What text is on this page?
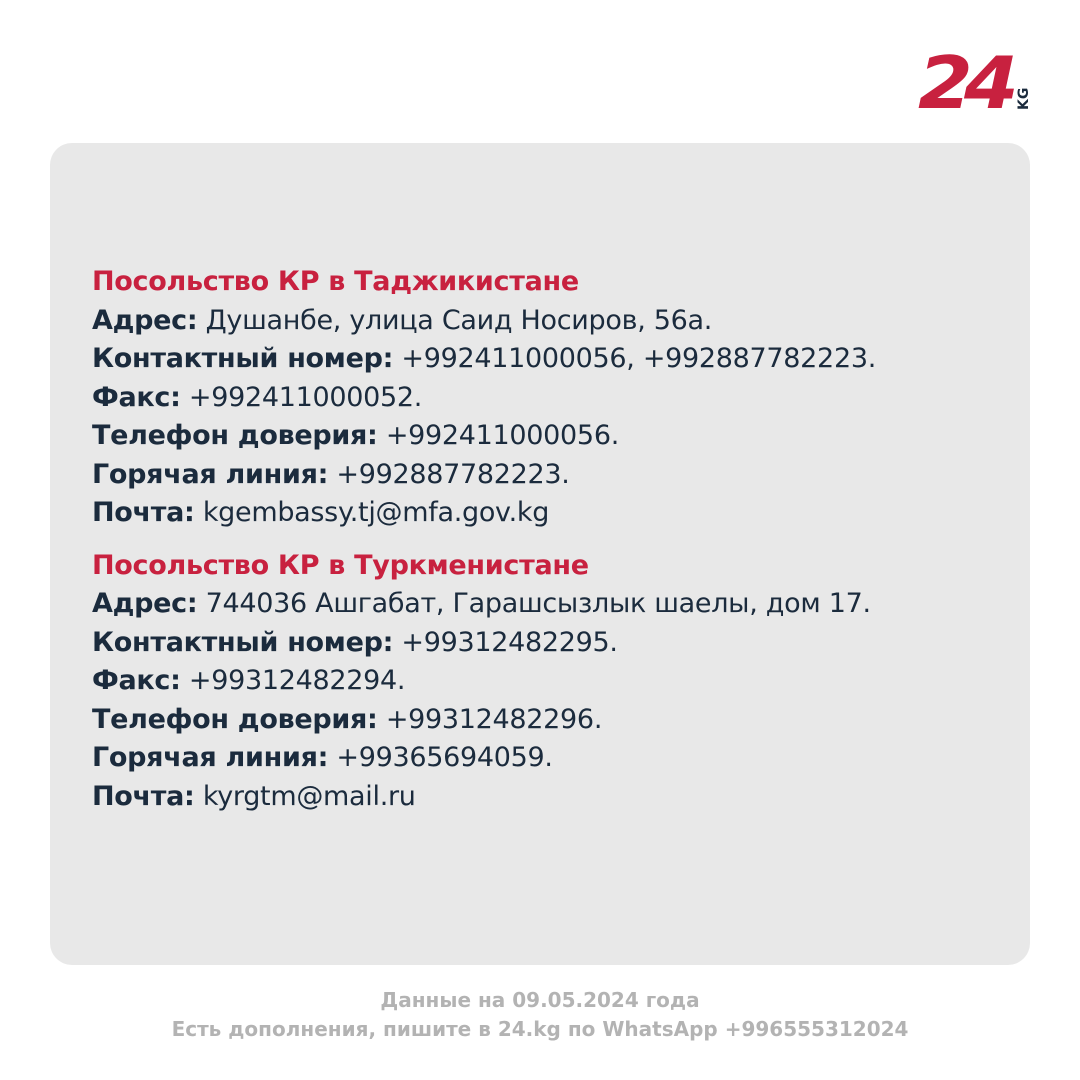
24 KG
Посольство КР в Таджикистане
Адрес: Душанбе, улица Саид Носиров, 56а.
Контактный номер: +992411000056, +992887782223.
Факс: +992411000052.
Телефон доверия: +992411000056.
Горячая линия: +992887782223.
Почта: kgembassy.tj@mfa.gov.kg
Посольство КР в Туркменистане
Адрес: 744036 Ашгабат, Гарашсызлык шаелы, дом 17.
Контактный номер: +99312482295.
Факс: +99312482294.
Телефон доверия: +99312482296.
Горячая линия: +99365694059.
Почта: kyrgtm@mail.ru
Данные на 09.05.2024 года
Есть дополнения, пишите в 24.kg по WhatsApp +996555312024
